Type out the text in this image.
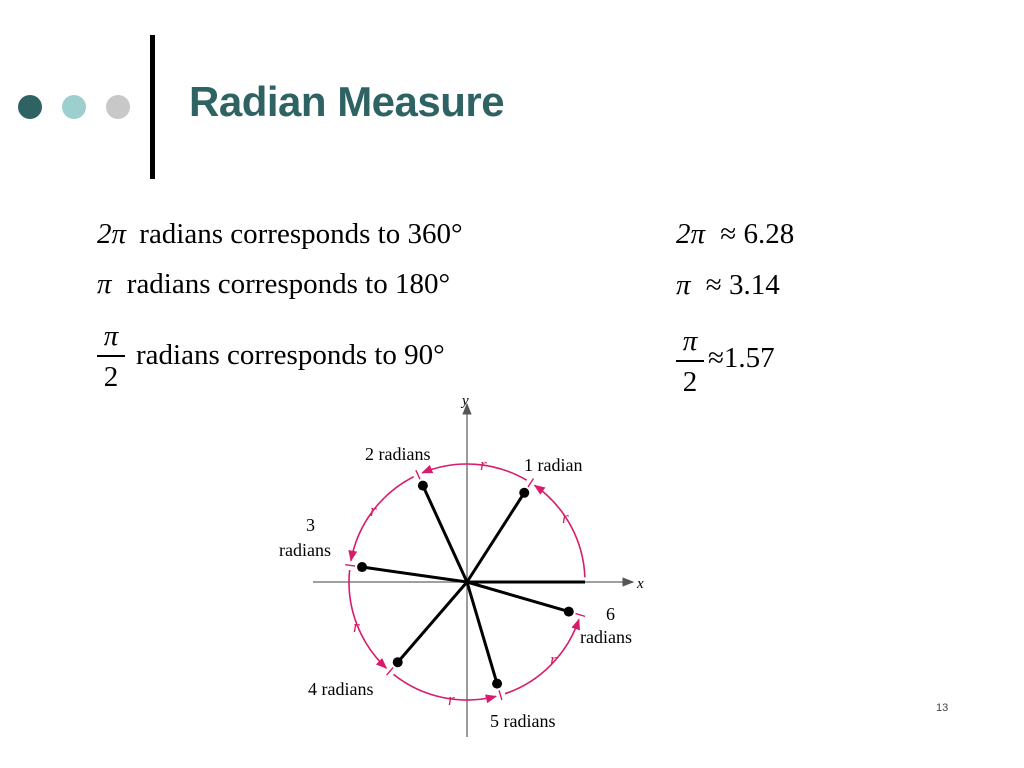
Radian Measure
2π radians corresponds to 360°
π radians corresponds to 180°
π
2
radians corresponds to 90°
2π ≈ 6.28
π ≈ 3.14
π
2
≈1.57
x
y
r
r
r
r
r
r
1 radian
2 radians
3
radians
4 radians
5 radians
6
radians
13
